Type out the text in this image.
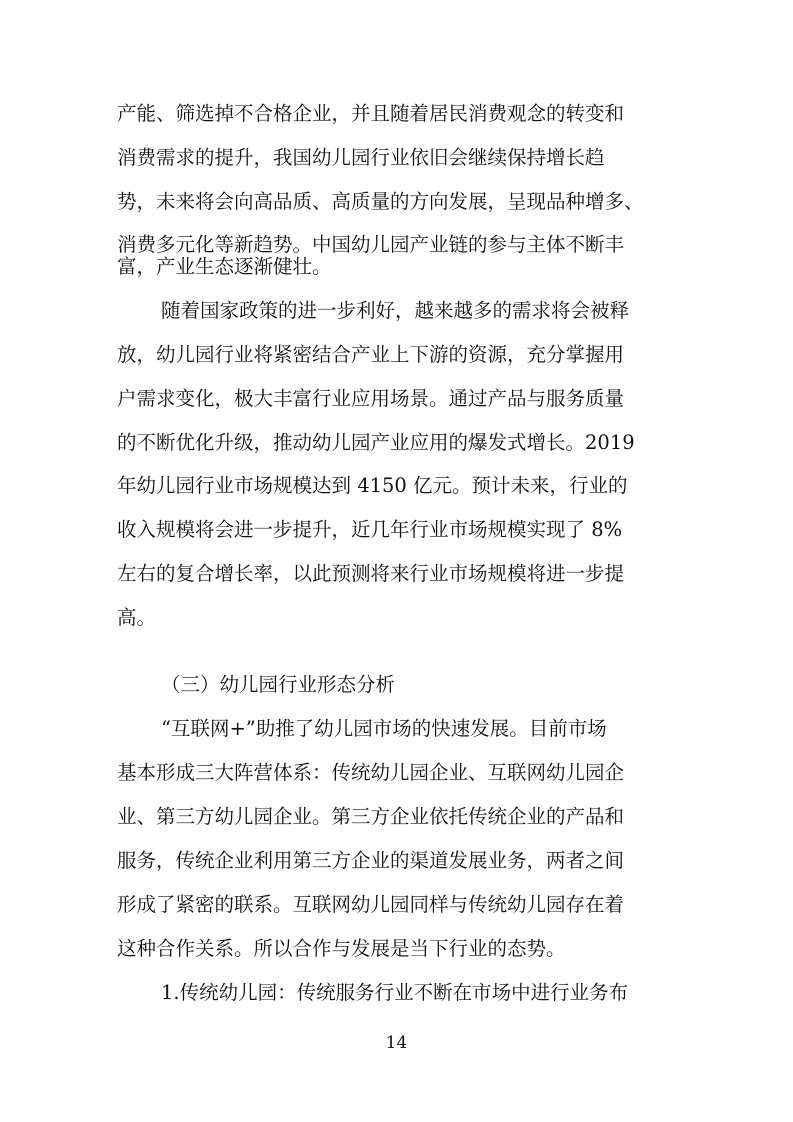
产能、筛选掉不合格企业，并且随着居民消费观念的转变和
消费需求的提升，我国幼儿园行业依旧会继续保持增长趋
势，未来将会向高品质、高质量的方向发展，呈现品种增多、
消费多元化等新趋势。中国幼儿园产业链的参与主体不断丰
富，产业生态逐渐健壮。
随着国家政策的进一步利好，越来越多的需求将会被释
放，幼儿园行业将紧密结合产业上下游的资源，充分掌握用
户需求变化，极大丰富行业应用场景。通过产品与服务质量
的不断优化升级，推动幼儿园产业应用的爆发式增长。2019
年幼儿园行业市场规模达到 4150 亿元。预计未来，行业的
收入规模将会进一步提升，近几年行业市场规模实现了 8%
左右的复合增长率，以此预测将来行业市场规模将进一步提
高。
（三）幼儿园行业形态分析
“互联网+”助推了幼儿园市场的快速发展。目前市场
基本形成三大阵营体系：传统幼儿园企业、互联网幼儿园企
业、第三方幼儿园企业。第三方企业依托传统企业的产品和
服务，传统企业利用第三方企业的渠道发展业务，两者之间
形成了紧密的联系。互联网幼儿园同样与传统幼儿园存在着
这种合作关系。所以合作与发展是当下行业的态势。
1.传统幼儿园：传统服务行业不断在市场中进行业务布
14
